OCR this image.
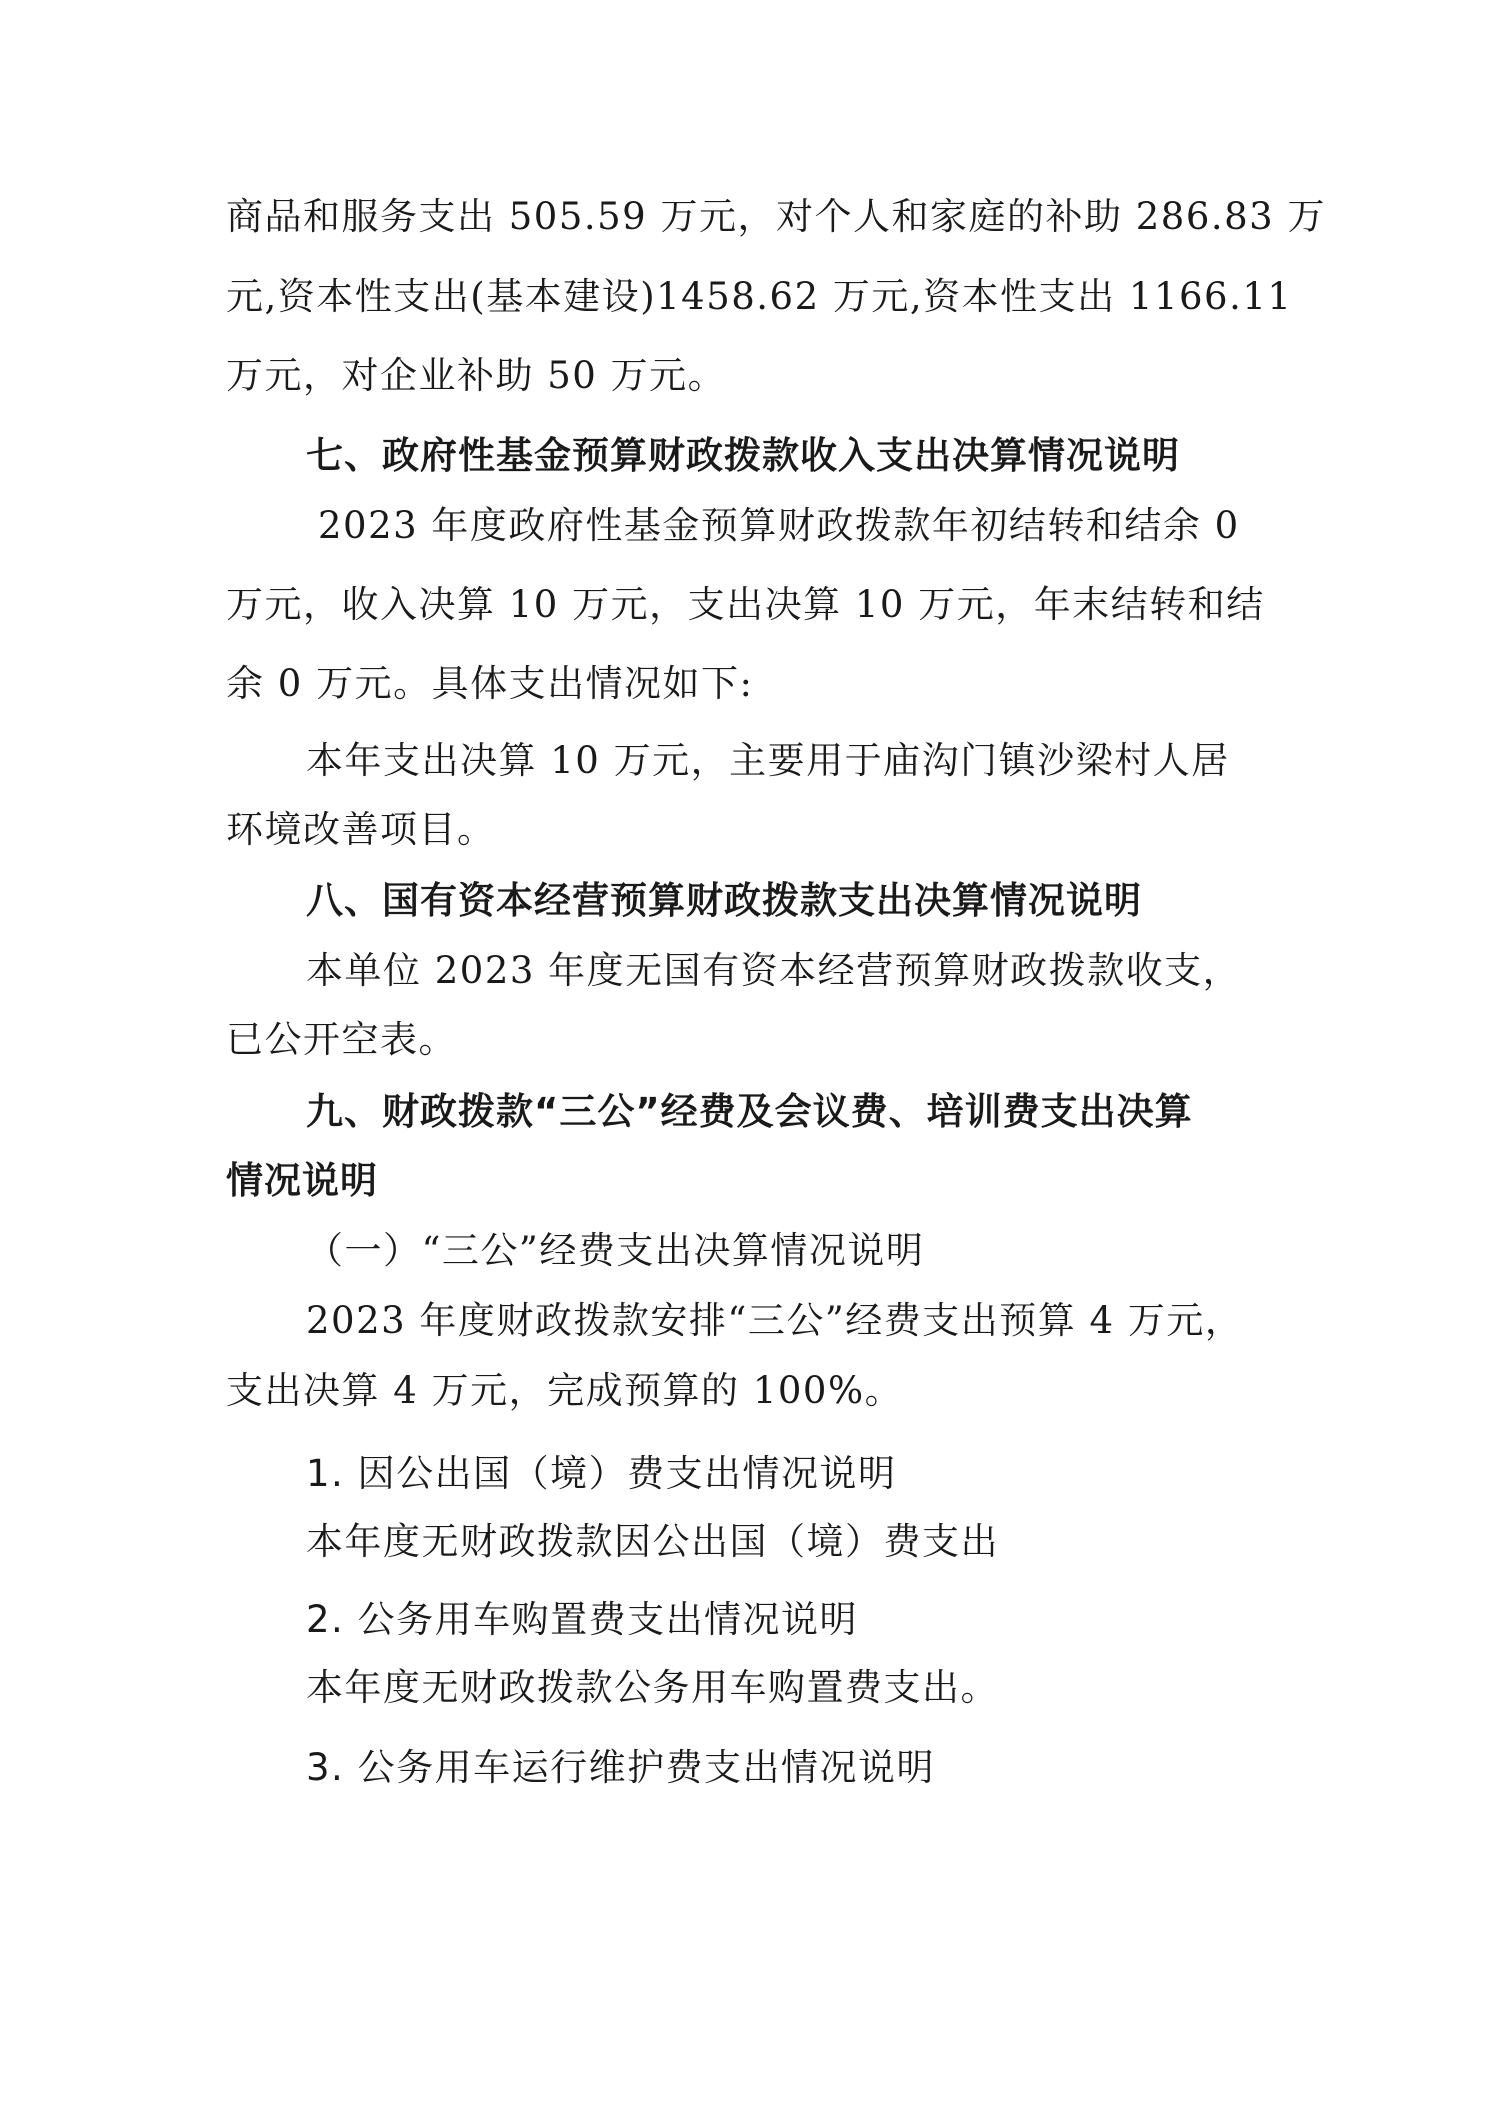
商品和服务支出 505.59 万元，对个人和家庭的补助 286.83 万
元,资本性支出(基本建设)1458.62 万元,资本性支出 1166.11
万元，对企业补助 50 万元。
七、政府性基金预算财政拨款收入支出决算情况说明
2023 年度政府性基金预算财政拨款年初结转和结余 0
万元，收入决算 10 万元，支出决算 10 万元，年末结转和结
余 0 万元。具体支出情况如下:
本年支出决算 10 万元，主要用于庙沟门镇沙梁村人居
环境改善项目。
八、国有资本经营预算财政拨款支出决算情况说明
本单位 2023 年度无国有资本经营预算财政拨款收支，
已公开空表。
九、财政拨款“三公”经费及会议费、培训费支出决算
情况说明
（一）“三公”经费支出决算情况说明
2023 年度财政拨款安排“三公”经费支出预算 4 万元，
支出决算 4 万元，完成预算的 100%。
1. 因公出国（境）费支出情况说明
本年度无财政拨款因公出国（境）费支出
2. 公务用车购置费支出情况说明
本年度无财政拨款公务用车购置费支出。
3. 公务用车运行维护费支出情况说明
